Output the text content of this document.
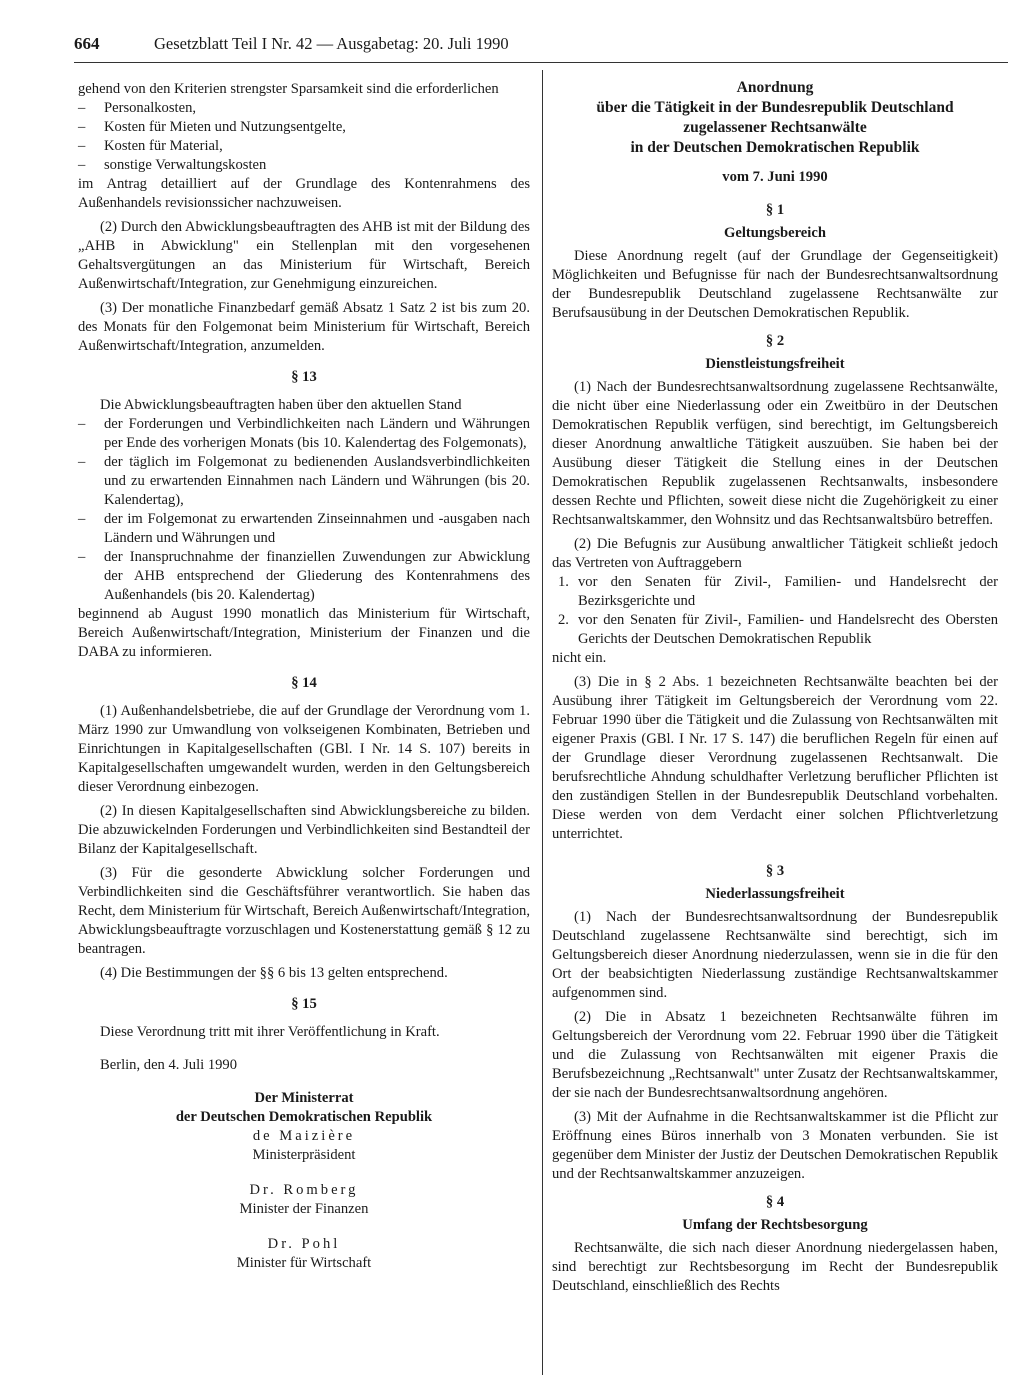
664	Gesetzblatt Teil I Nr. 42 — Ausgabetag: 20. Juli 1990

gehend von den Kriterien strengster Sparsamkeit sind die erforderlichen

– Personalkosten,

– Kosten für Mieten und Nutzungsentgelte,

– Kosten für Material,

– sonstige Verwaltungskosten

im Antrag detailliert auf der Grundlage des Kontenrahmens des Außenhandels revisionssicher nachzuweisen.

(2) Durch den Abwicklungsbeauftragten des AHB ist mit der Bildung des „AHB in Abwicklung" ein Stellenplan mit den vorgesehenen Gehaltsvergütungen an das Ministerium für Wirtschaft, Bereich Außenwirtschaft/Integration, zur Genehmigung einzureichen.

(3) Der monatliche Finanzbedarf gemäß Absatz 1 Satz 2 ist bis zum 20. des Monats für den Folgemonat beim Ministerium für Wirtschaft, Bereich Außenwirtschaft/Integration, anzumelden.

§ 13

Die Abwicklungsbeauftragten haben über den aktuellen Stand

– der Forderungen und Verbindlichkeiten nach Ländern und Währungen per Ende des vorherigen Monats (bis 10. Kalendertag des Folgemonats),

– der täglich im Folgemonat zu bedienenden Auslandsverbindlichkeiten und zu erwartenden Einnahmen nach Ländern und Währungen (bis 20. Kalendertag),

– der im Folgemonat zu erwartenden Zinseinnahmen und -ausgaben nach Ländern und Währungen und

– der Inanspruchnahme der finanziellen Zuwendungen zur Abwicklung der AHB entsprechend der Gliederung des Kontenrahmens des Außenhandels (bis 20. Kalendertag)

beginnend ab August 1990 monatlich das Ministerium für Wirtschaft, Bereich Außenwirtschaft/Integration, Ministerium der Finanzen und die DABA zu informieren.

§ 14

(1) Außenhandelsbetriebe, die auf der Grundlage der Verordnung vom 1. März 1990 zur Umwandlung von volkseigenen Kombinaten, Betrieben und Einrichtungen in Kapitalgesellschaften (GBl. I Nr. 14 S. 107) bereits in Kapitalgesellschaften umgewandelt wurden, werden in den Geltungsbereich dieser Verordnung einbezogen.

(2) In diesen Kapitalgesellschaften sind Abwicklungsbereiche zu bilden. Die abzuwickelnden Forderungen und Verbindlichkeiten sind Bestandteil der Bilanz der Kapitalgesellschaft.

(3) Für die gesonderte Abwicklung solcher Forderungen und Verbindlichkeiten sind die Geschäftsführer verantwortlich. Sie haben das Recht, dem Ministerium für Wirtschaft, Bereich Außenwirtschaft/Integration, Abwicklungsbeauftragte vorzuschlagen und Kostenerstattung gemäß § 12 zu beantragen.

(4) Die Bestimmungen der §§ 6 bis 13 gelten entsprechend.

§ 15

Diese Verordnung tritt mit ihrer Veröffentlichung in Kraft.

Berlin, den 4. Juli 1990

Der Ministerrat

der Deutschen Demokratischen Republik

de Maizière

Ministerpräsident

Dr. Romberg

Minister der Finanzen

Dr. Pohl

Minister für Wirtschaft

Anordnung

über die Tätigkeit in der Bundesrepublik Deutschland

zugelassener Rechtsanwälte

in der Deutschen Demokratischen Republik

vom 7. Juni 1990

§ 1

Geltungsbereich

Diese Anordnung regelt (auf der Grundlage der Gegenseitigkeit) Möglichkeiten und Befugnisse für nach der Bundesrechtsanwaltsordnung der Bundesrepublik Deutschland zugelassene Rechtsanwälte zur Berufsausübung in der Deutschen Demokratischen Republik.

§ 2

Dienstleistungsfreiheit

(1) Nach der Bundesrechtsanwaltsordnung zugelassene Rechtsanwälte, die nicht über eine Niederlassung oder ein Zweitbüro in der Deutschen Demokratischen Republik verfügen, sind berechtigt, im Geltungsbereich dieser Anordnung anwaltliche Tätigkeit auszuüben. Sie haben bei der Ausübung dieser Tätigkeit die Stellung eines in der Deutschen Demokratischen Republik zugelassenen Rechtsanwalts, insbesondere dessen Rechte und Pflichten, soweit diese nicht die Zugehörigkeit zu einer Rechtsanwaltskammer, den Wohnsitz und das Rechtsanwaltsbüro betreffen.

(2) Die Befugnis zur Ausübung anwaltlicher Tätigkeit schließt jedoch das Vertreten von Auftraggebern

1. vor den Senaten für Zivil-, Familien- und Handelsrecht der Bezirksgerichte und

2. vor den Senaten für Zivil-, Familien- und Handelsrecht des Obersten Gerichts der Deutschen Demokratischen Republik

nicht ein.

(3) Die in § 2 Abs. 1 bezeichneten Rechtsanwälte beachten bei der Ausübung ihrer Tätigkeit im Geltungsbereich der Verordnung vom 22. Februar 1990 über die Tätigkeit und die Zulassung von Rechtsanwälten mit eigener Praxis (GBl. I Nr. 17 S. 147) die beruflichen Regeln für einen auf der Grundlage dieser Verordnung zugelassenen Rechtsanwalt. Die berufsrechtliche Ahndung schuldhafter Verletzung beruflicher Pflichten ist den zuständigen Stellen in der Bundesrepublik Deutschland vorbehalten. Diese werden von dem Verdacht einer solchen Pflichtverletzung unterrichtet.

§ 3

Niederlassungsfreiheit

(1) Nach der Bundesrechtsanwaltsordnung der Bundesrepublik Deutschland zugelassene Rechtsanwälte sind berechtigt, sich im Geltungsbereich dieser Anordnung niederzulassen, wenn sie in die für den Ort der beabsichtigten Niederlassung zuständige Rechtsanwaltskammer aufgenommen sind.

(2) Die in Absatz 1 bezeichneten Rechtsanwälte führen im Geltungsbereich der Verordnung vom 22. Februar 1990 über die Tätigkeit und die Zulassung von Rechtsanwälten mit eigener Praxis die Berufsbezeichnung „Rechtsanwalt" unter Zusatz der Rechtsanwaltskammer, der sie nach der Bundesrechtsanwaltsordnung angehören.

(3) Mit der Aufnahme in die Rechtsanwaltskammer ist die Pflicht zur Eröffnung eines Büros innerhalb von 3 Monaten verbunden. Sie ist gegenüber dem Minister der Justiz der Deutschen Demokratischen Republik und der Rechtsanwaltskammer anzuzeigen.

§ 4

Umfang der Rechtsbesorgung

Rechtsanwälte, die sich nach dieser Anordnung niedergelassen haben, sind berechtigt zur Rechtsbesorgung im Recht der Bundesrepublik Deutschland, einschließlich des Rechts
